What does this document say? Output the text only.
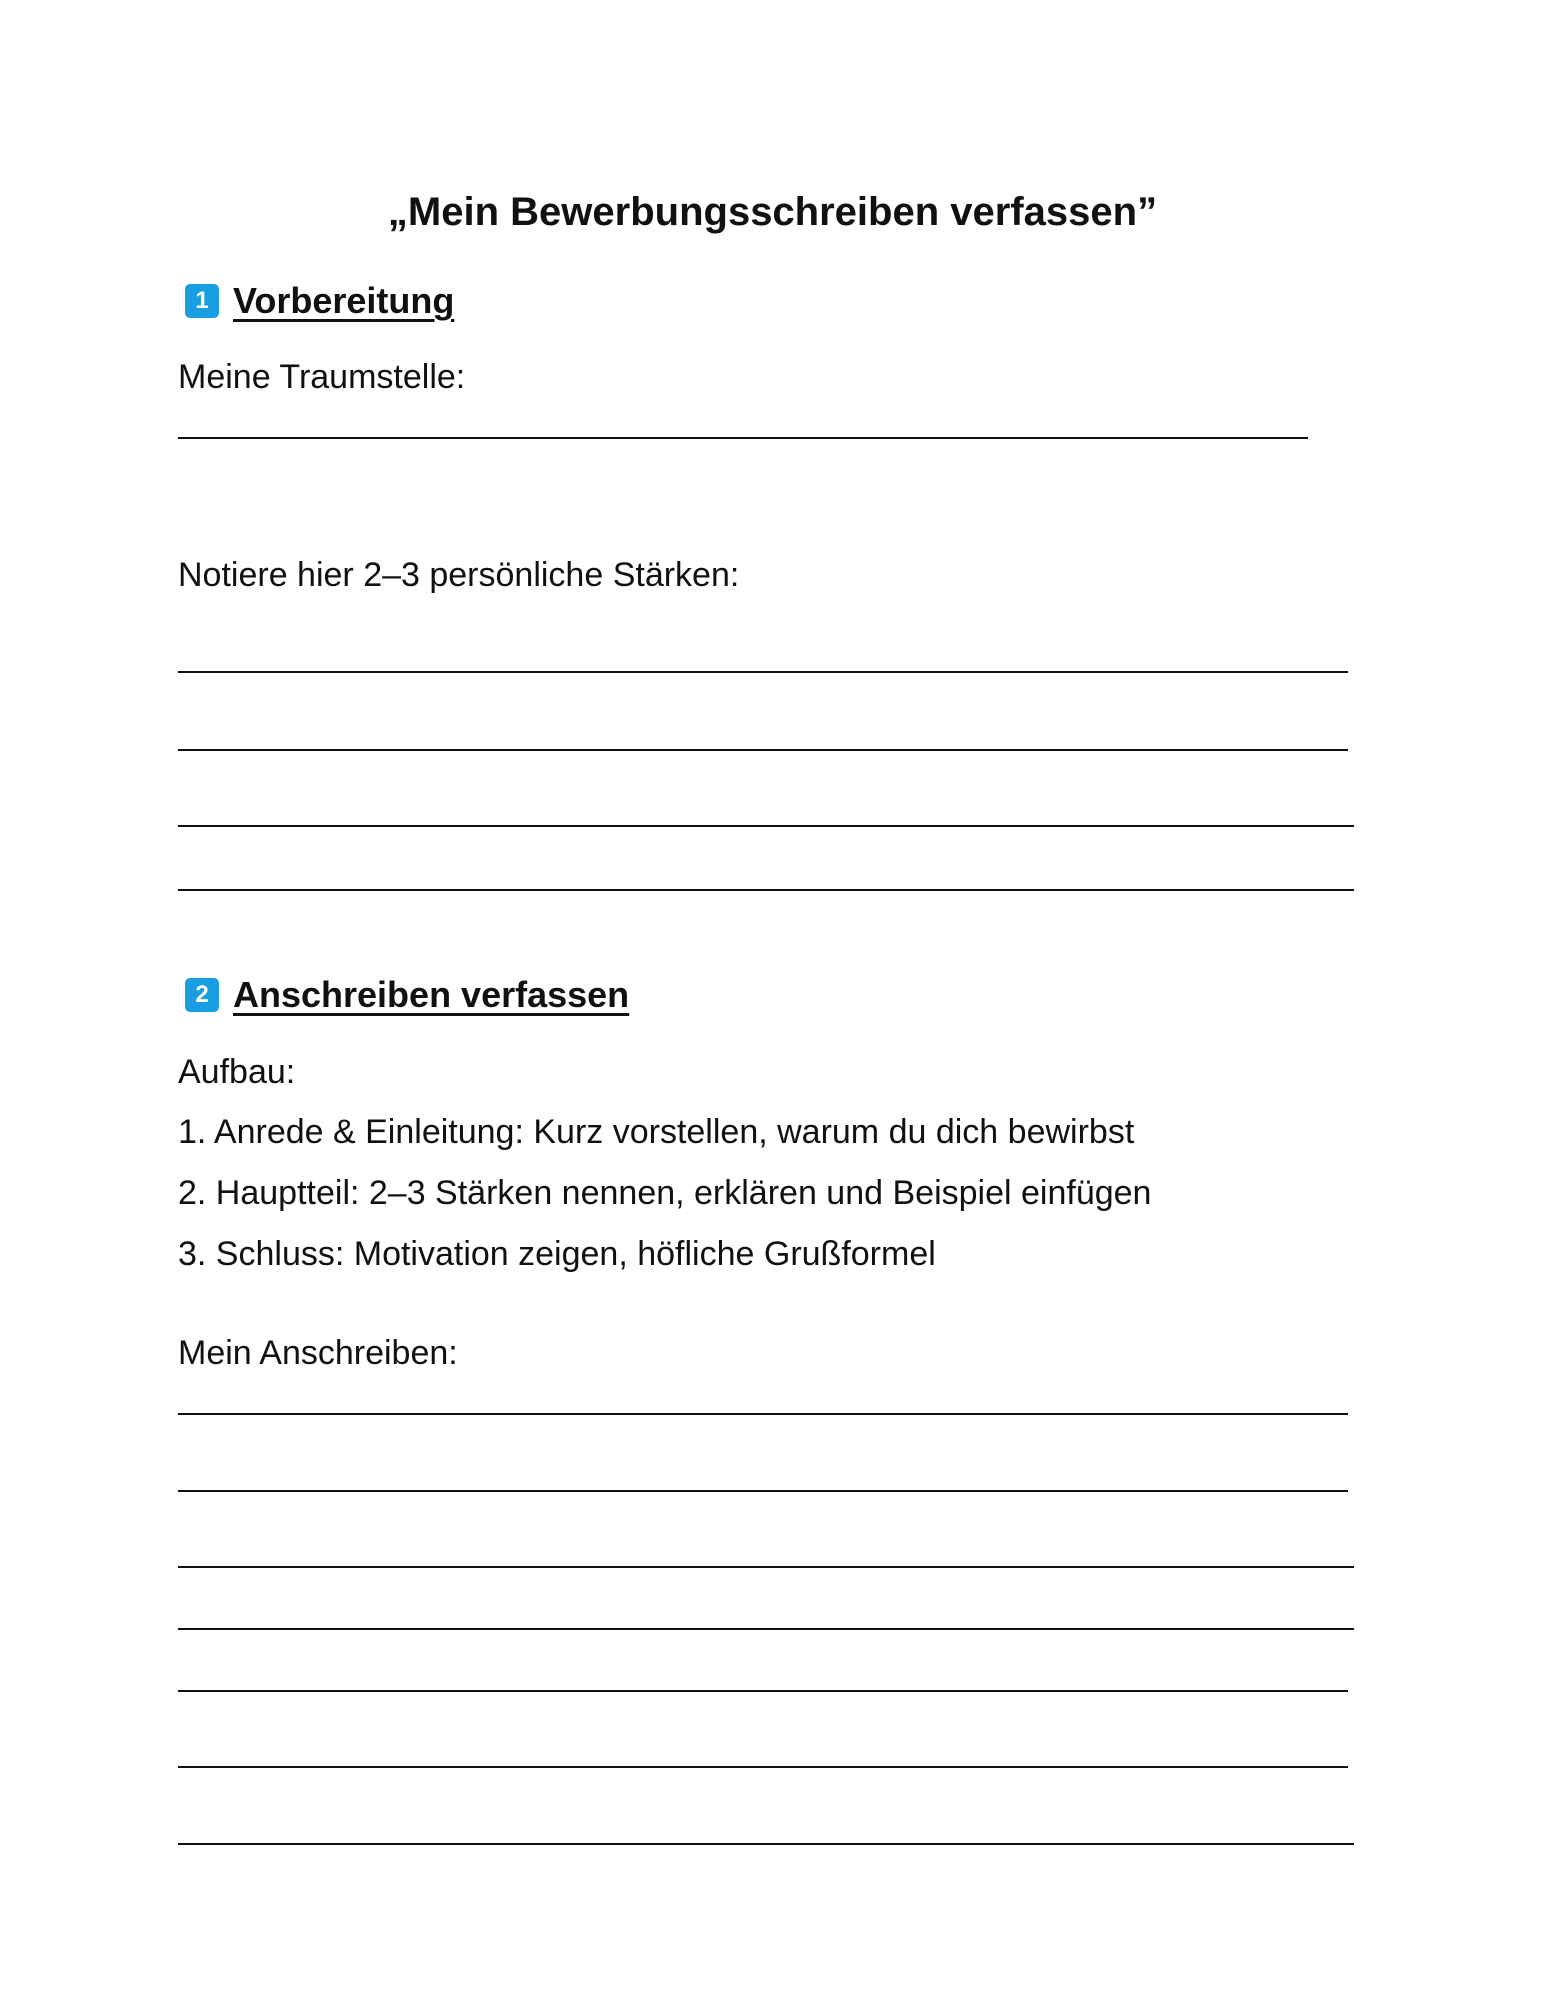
„Mein Bewerbungsschreiben verfassen”
1 Vorbereitung

Meine Traumstelle:

Notiere hier 2–3 persönliche Stärken:

2 Anschreiben verfassen

Aufbau:

1. Anrede & Einleitung: Kurz vorstellen, warum du dich bewirbst

2. Hauptteil: 2–3 Stärken nennen, erklären und Beispiel einfügen

3. Schluss: Motivation zeigen, höfliche Grußformel

Mein Anschreiben:
